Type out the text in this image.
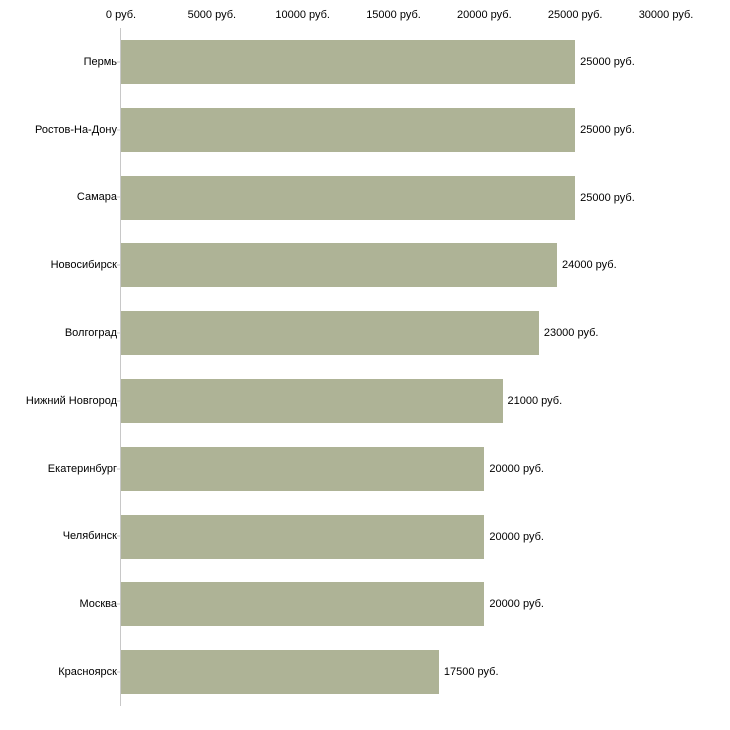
0 руб.	5000 руб.	10000 руб.	15000 руб.	20000 руб.	25000 руб.	30000 руб.
Пермь
Ростов-На-Дону
Самара
Новосибирск
Волгоград
Нижний Новгород
Екатеринбург
Челябинск
Москва
Красноярск
25000 руб.
25000 руб.
25000 руб.
24000 руб.
23000 руб.
21000 руб.
20000 руб.
20000 руб.
20000 руб.
17500 руб.
